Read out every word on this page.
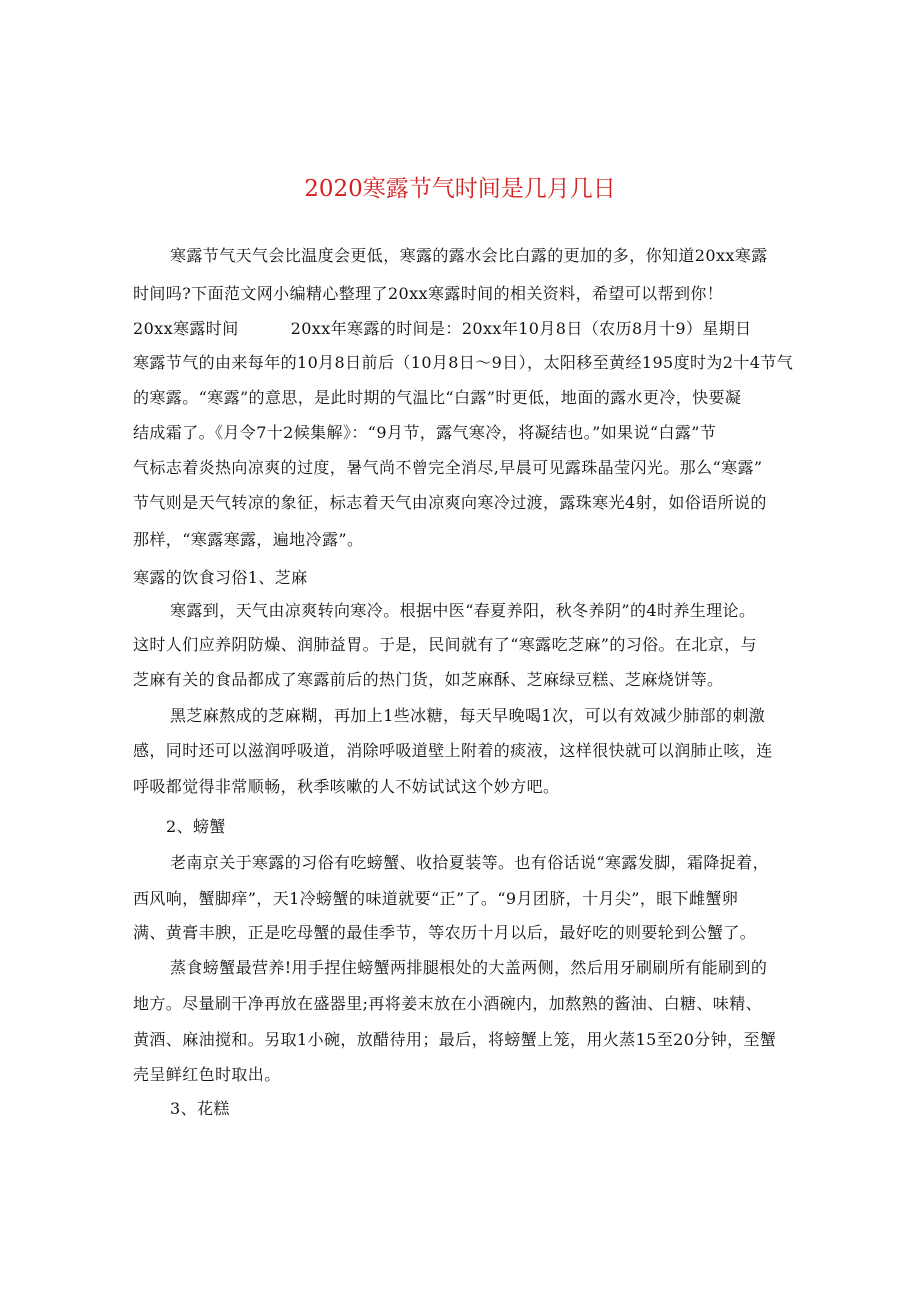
2020寒露节气时间是几月几日
寒露节气天气会比温度会更低，寒露的露水会比白露的更加的多，你知道20xx寒露
时间吗?下面范文网小编精心整理了20xx寒露时间的相关资料，希望可以帮到你！
20xx寒露时间	20xx年寒露的时间是：20xx年10月8日（农历8月十9）星期日
寒露节气的由来每年的10月8日前后（10月8日～9日），太阳移至黄经195度时为2十4节气
的寒露。“寒露”的意思，是此时期的气温比“白露”时更低，地面的露水更冷，快要凝
结成霜了。《月令7十2候集解》：“9月节，露气寒冷，将凝结也。”如果说“白露”节
气标志着炎热向凉爽的过度，暑气尚不曾完全消尽,早晨可见露珠晶莹闪光。那么“寒露”
节气则是天气转凉的象征，标志着天气由凉爽向寒冷过渡，露珠寒光4射，如俗语所说的
那样，“寒露寒露，遍地冷露”。
寒露的饮食习俗1、芝麻
寒露到，天气由凉爽转向寒冷。根据中医“春夏养阳，秋冬养阴”的4时养生理论。
这时人们应养阴防燥、润肺益胃。于是，民间就有了“寒露吃芝麻”的习俗。在北京，与
芝麻有关的食品都成了寒露前后的热门货，如芝麻酥、芝麻绿豆糕、芝麻烧饼等。
黑芝麻熬成的芝麻糊，再加上1些冰糖，每天早晚喝1次，可以有效减少肺部的刺激
感，同时还可以滋润呼吸道，消除呼吸道壁上附着的痰液，这样很快就可以润肺止咳，连
呼吸都觉得非常顺畅，秋季咳嗽的人不妨试试这个妙方吧。
2、螃蟹
老南京关于寒露的习俗有吃螃蟹、收拾夏装等。也有俗话说“寒露发脚，霜降捉着，
西风响，蟹脚痒”，天1冷螃蟹的味道就要“正”了。“9月团脐，十月尖”，眼下雌蟹卵
满、黄膏丰腴，正是吃母蟹的最佳季节，等农历十月以后，最好吃的则要轮到公蟹了。
蒸食螃蟹最营养!用手捏住螃蟹两排腿根处的大盖两侧，然后用牙刷刷所有能刷到的
地方。尽量刷干净再放在盛器里;再将姜末放在小酒碗内，加熬熟的酱油、白糖、味精、
黄酒、麻油搅和。另取1小碗，放醋待用；最后，将螃蟹上笼，用火蒸15至20分钟，至蟹
壳呈鲜红色时取出。
3、花糕
